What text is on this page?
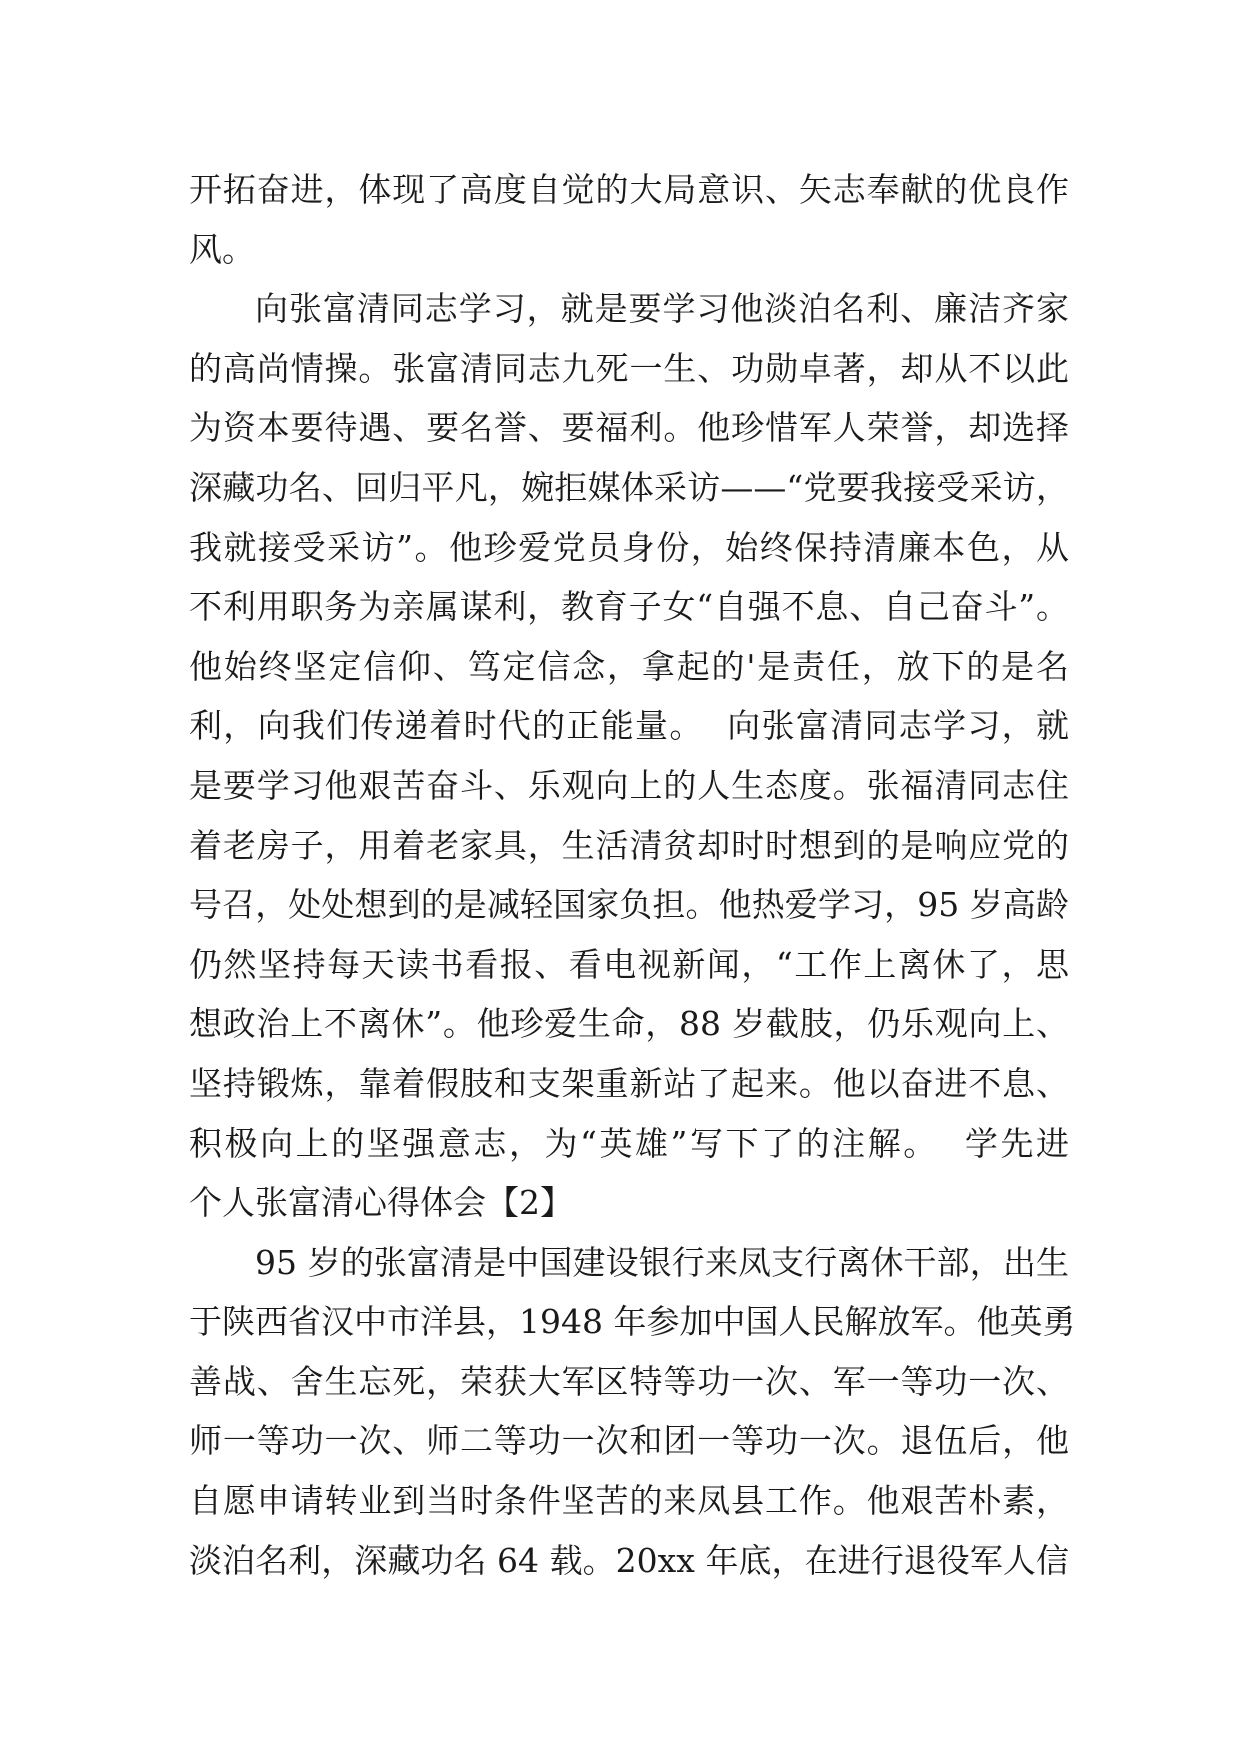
开拓奋进，体现了高度自觉的大局意识、矢志奉献的优良作
风。
向张富清同志学习，就是要学习他淡泊名利、廉洁齐家
的高尚情操。张富清同志九死一生、功勋卓著，却从不以此
为资本要待遇、要名誉、要福利。他珍惜军人荣誉，却选择
深藏功名、回归平凡，婉拒媒体采访——“党要我接受采访，
我就接受采访”。他珍爱党员身份，始终保持清廉本色，从
不利用职务为亲属谋利，教育子女“自强不息、自己奋斗”。
他始终坚定信仰、笃定信念，拿起的'是责任，放下的是名
利，向我们传递着时代的正能量。  向张富清同志学习，就
是要学习他艰苦奋斗、乐观向上的人生态度。张福清同志住
着老房子，用着老家具，生活清贫却时时想到的是响应党的
号召，处处想到的是减轻国家负担。他热爱学习，95 岁高龄
仍然坚持每天读书看报、看电视新闻，“工作上离休了，思
想政治上不离休”。他珍爱生命，88 岁截肢，仍乐观向上、
坚持锻炼，靠着假肢和支架重新站了起来。他以奋进不息、
积极向上的坚强意志，为“英雄”写下了的注解。  学先进
个人张富清心得体会【2】
95 岁的张富清是中国建设银行来凤支行离休干部，出生
于陕西省汉中市洋县，1948 年参加中国人民解放军。他英勇
善战、舍生忘死，荣获大军区特等功一次、军一等功一次、
师一等功一次、师二等功一次和团一等功一次。退伍后，他
自愿申请转业到当时条件坚苦的来凤县工作。他艰苦朴素，
淡泊名利，深藏功名 64 载。20xx 年底，在进行退役军人信
